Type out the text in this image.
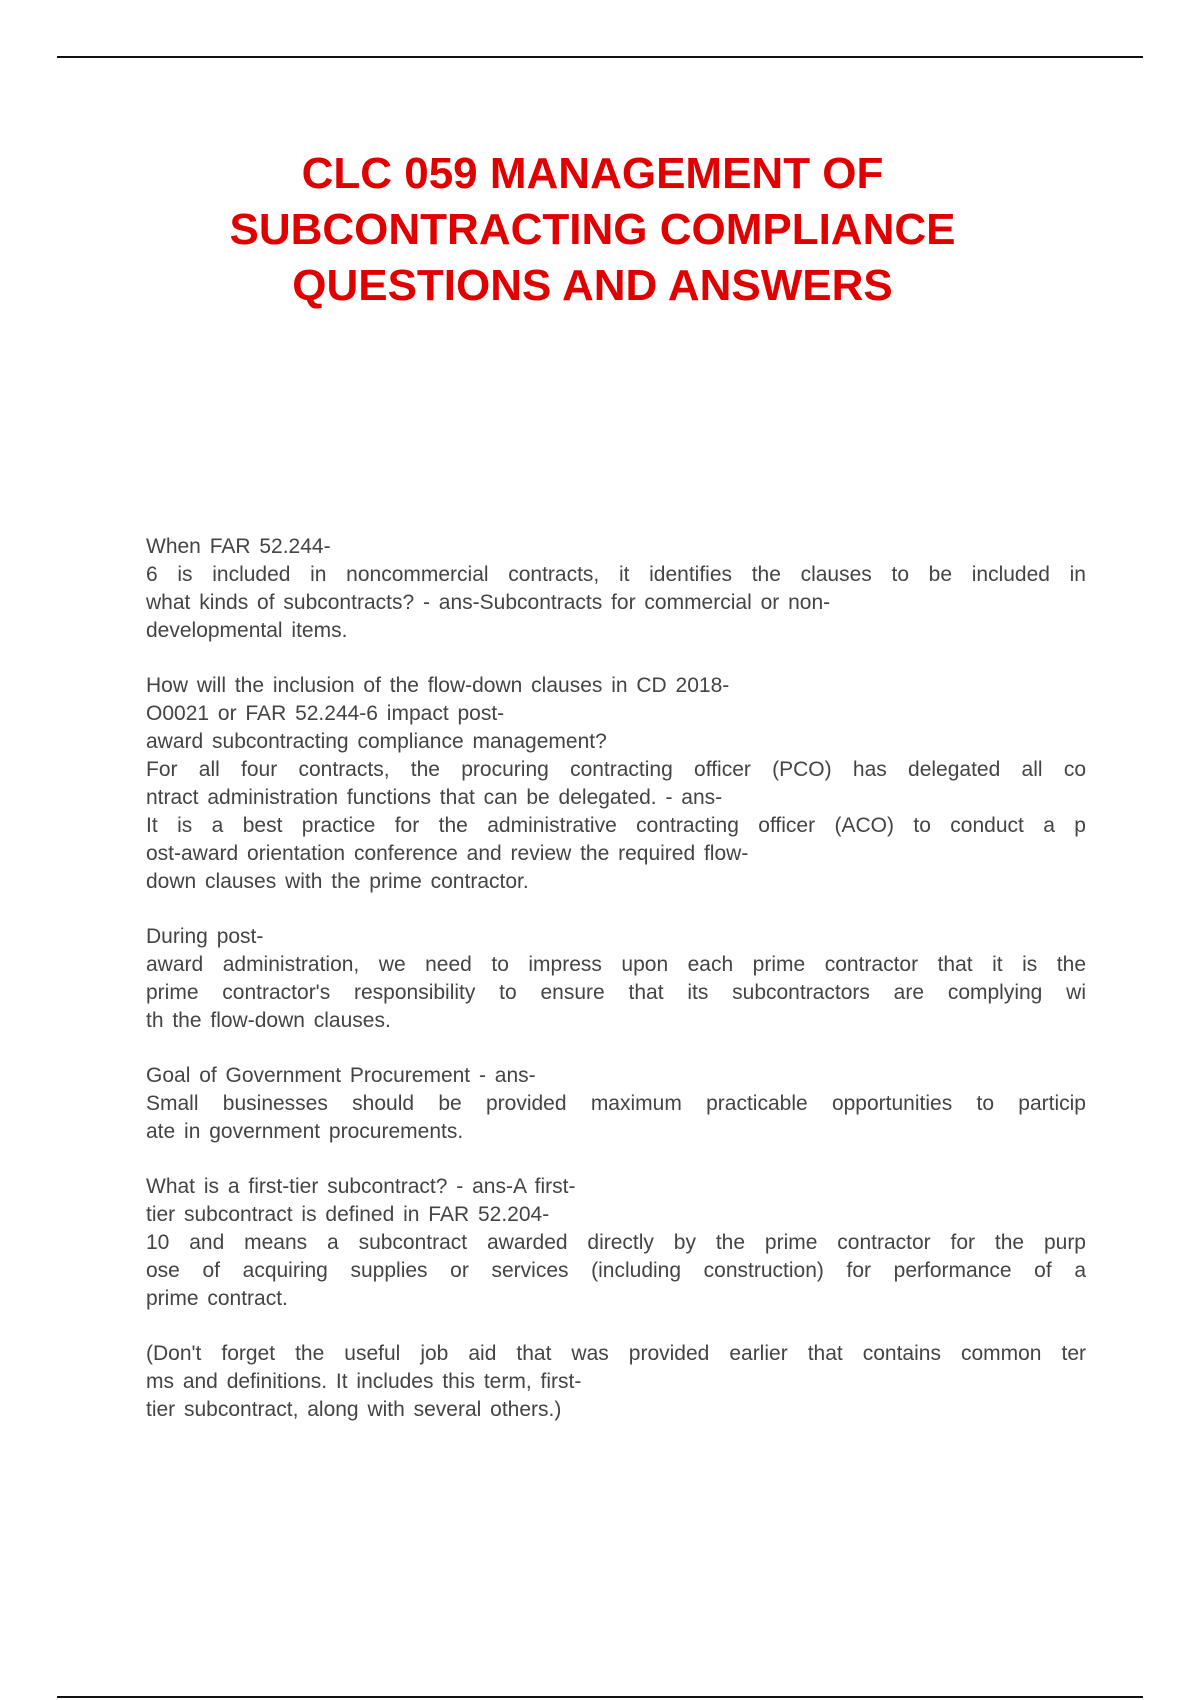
CLC 059 MANAGEMENT OF
SUBCONTRACTING COMPLIANCE
QUESTIONS AND ANSWERS

When FAR 52.244-
6 is included in noncommercial contracts, it identifies the clauses to be included in
what kinds of subcontracts? - ans-Subcontracts for commercial or non-
developmental items.

How will the inclusion of the flow-down clauses in CD 2018-
O0021 or FAR 52.244-6 impact post-
award subcontracting compliance management?
For all four contracts, the procuring contracting officer (PCO) has delegated all co
ntract administration functions that can be delegated. - ans-
It is a best practice for the administrative contracting officer (ACO) to conduct a p
ost-award orientation conference and review the required flow-
down clauses with the prime contractor.

During post-
award administration, we need to impress upon each prime contractor that it is the
prime contractor's responsibility to ensure that its subcontractors are complying wi
th the flow-down clauses.

Goal of Government Procurement - ans-
Small businesses should be provided maximum practicable opportunities to particip
ate in government procurements.

What is a first-tier subcontract? - ans-A first-
tier subcontract is defined in FAR 52.204-
10 and means a subcontract awarded directly by the prime contractor for the purp
ose of acquiring supplies or services (including construction) for performance of a
prime contract.

(Don't forget the useful job aid that was provided earlier that contains common ter
ms and definitions. It includes this term, first-
tier subcontract, along with several others.)
